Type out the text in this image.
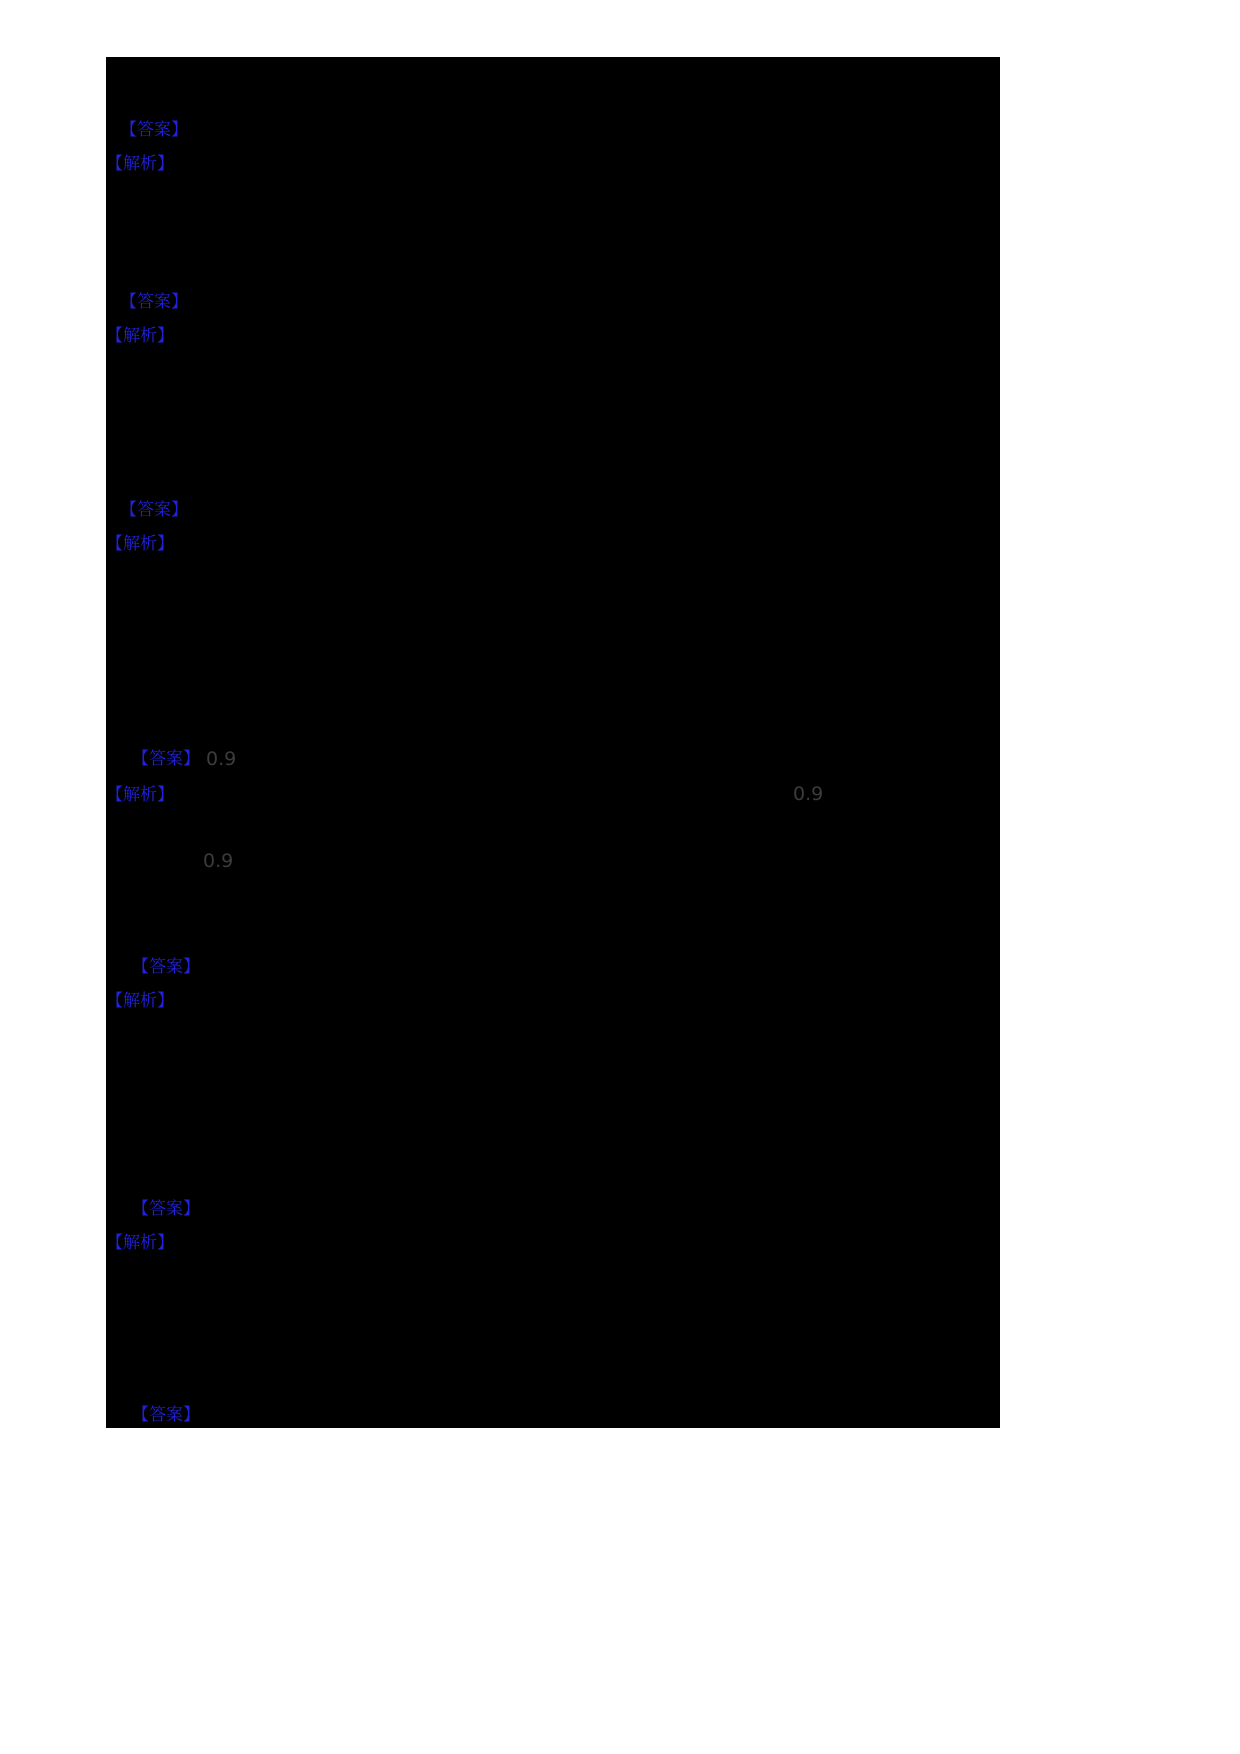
【答案】
【解析】
【答案】
【解析】
【答案】
【解析】
【答案】 0.9
【解析】	0.9
0.9
【答案】
【解析】
【答案】
【解析】
【答案】
